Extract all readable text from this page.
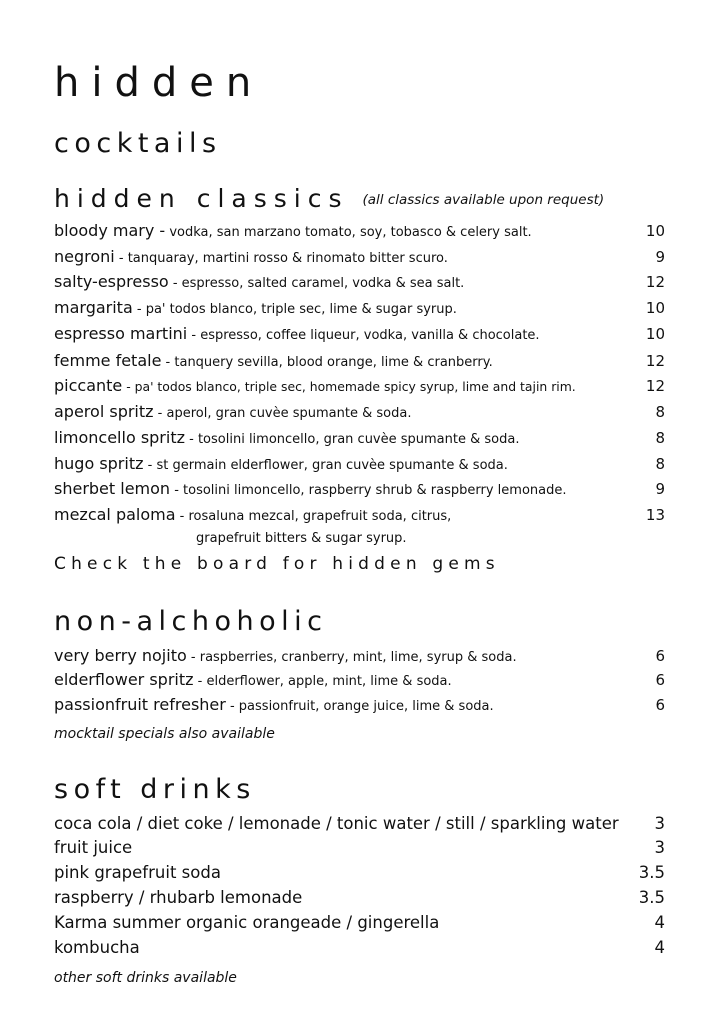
hidden
cocktails
hidden classics (all classics available upon request)
bloody mary - vodka, san marzano tomato, soy, tobasco & celery salt.	10
negroni - tanquaray, martini rosso & rinomato bitter scuro.	9
salty-espresso - espresso, salted caramel, vodka & sea salt.	12
margarita - pa' todos blanco, triple sec, lime & sugar syrup.	10
espresso martini - espresso, coffee liqueur, vodka, vanilla & chocolate.	10
femme fetale - tanquery sevilla, blood orange, lime & cranberry.	12
piccante - pa' todos blanco, triple sec, homemade spicy syrup, lime and tajin rim.	12
aperol spritz - aperol, gran cuvèe spumante & soda.	8
limoncello spritz - tosolini limoncello, gran cuvèe spumante & soda.	8
hugo spritz - st germain elderflower, gran cuvèe spumante & soda.	8
sherbet lemon - tosolini limoncello, raspberry shrub & raspberry lemonade.	9
mezcal paloma - rosaluna mezcal, grapefruit soda, citrus,	13
grapefruit bitters & sugar syrup.
Check the board for hidden gems
non-alchoholic
very berry nojito - raspberries, cranberry, mint, lime, syrup & soda.	6
elderflower spritz - elderflower, apple, mint, lime & soda.	6
passionfruit refresher - passionfruit, orange juice, lime & soda.	6
mocktail specials also available
soft drinks
coca cola / diet coke / lemonade / tonic water / still / sparkling water 3
fruit juice	3
pink grapefruit soda	3.5
raspberry / rhubarb lemonade	3.5
Karma summer organic orangeade / gingerella	4
kombucha	4
other soft drinks available
